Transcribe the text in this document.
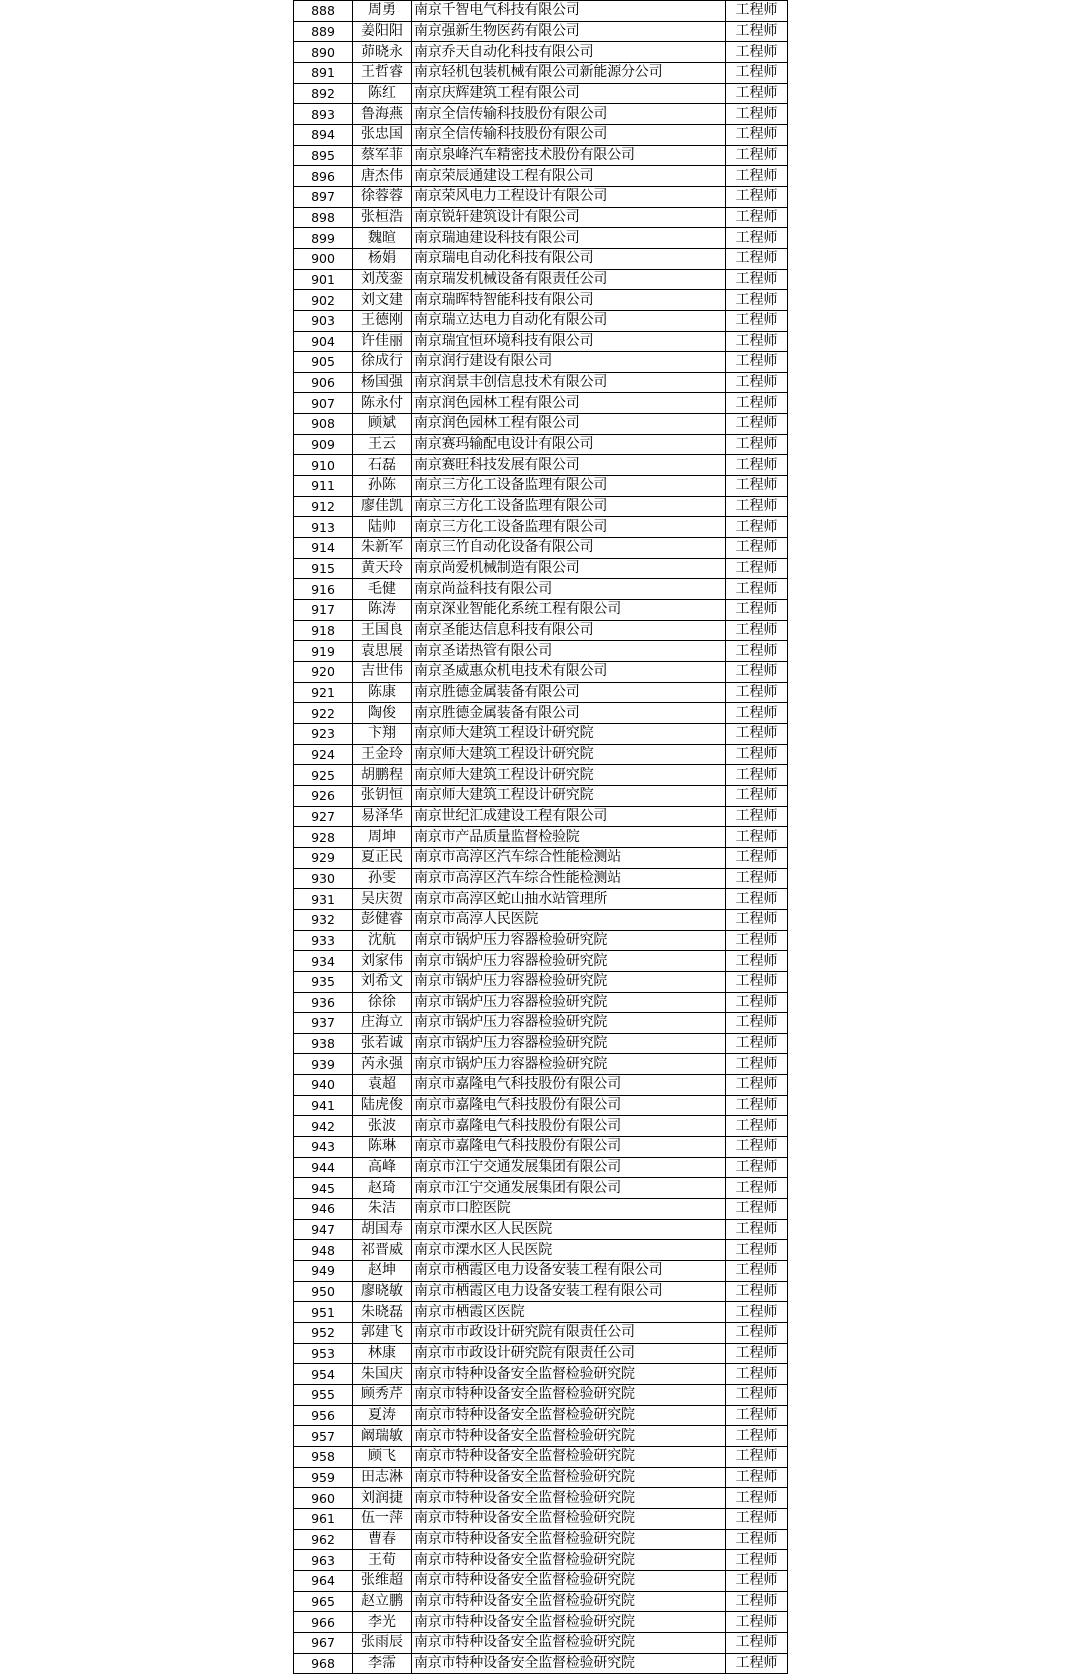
888	周勇	南京千智电气科技有限公司	工程师
889	姜阳阳	南京强新生物医药有限公司	工程师
890	茆晓永	南京乔天自动化科技有限公司	工程师
891	王哲睿	南京轻机包装机械有限公司新能源分公司	工程师
892	陈红	南京庆辉建筑工程有限公司	工程师
893	鲁海燕	南京全信传输科技股份有限公司	工程师
894	张忠国	南京全信传输科技股份有限公司	工程师
895	蔡军菲	南京泉峰汽车精密技术股份有限公司	工程师
896	唐杰伟	南京荣辰通建设工程有限公司	工程师
897	徐蓉蓉	南京荣风电力工程设计有限公司	工程师
898	张桓浩	南京锐轩建筑设计有限公司	工程师
899	魏暄	南京瑞迪建设科技有限公司	工程师
900	杨娟	南京瑞电自动化科技有限公司	工程师
901	刘茂銮	南京瑞发机械设备有限责任公司	工程师
902	刘文建	南京瑞晖特智能科技有限公司	工程师
903	王德刚	南京瑞立达电力自动化有限公司	工程师
904	许佳丽	南京瑞宜恒环境科技有限公司	工程师
905	徐成行	南京润行建设有限公司	工程师
906	杨国强	南京润景丰创信息技术有限公司	工程师
907	陈永付	南京润色园林工程有限公司	工程师
908	顾斌	南京润色园林工程有限公司	工程师
909	王云	南京赛玛输配电设计有限公司	工程师
910	石磊	南京赛旺科技发展有限公司	工程师
911	孙陈	南京三方化工设备监理有限公司	工程师
912	廖佳凯	南京三方化工设备监理有限公司	工程师
913	陆帅	南京三方化工设备监理有限公司	工程师
914	朱新军	南京三竹自动化设备有限公司	工程师
915	黄天玲	南京尚爱机械制造有限公司	工程师
916	毛健	南京尚益科技有限公司	工程师
917	陈涛	南京深业智能化系统工程有限公司	工程师
918	王国良	南京圣能达信息科技有限公司	工程师
919	袁思展	南京圣诺热管有限公司	工程师
920	吉世伟	南京圣威惠众机电技术有限公司	工程师
921	陈康	南京胜德金属装备有限公司	工程师
922	陶俊	南京胜德金属装备有限公司	工程师
923	卞翔	南京师大建筑工程设计研究院	工程师
924	王金玲	南京师大建筑工程设计研究院	工程师
925	胡鹏程	南京师大建筑工程设计研究院	工程师
926	张钥恒	南京师大建筑工程设计研究院	工程师
927	易泽华	南京世纪汇成建设工程有限公司	工程师
928	周坤	南京市产品质量监督检验院	工程师
929	夏正民	南京市高淳区汽车综合性能检测站	工程师
930	孙雯	南京市高淳区汽车综合性能检测站	工程师
931	吴庆贺	南京市高淳区蛇山抽水站管理所	工程师
932	彭健睿	南京市高淳人民医院	工程师
933	沈航	南京市锅炉压力容器检验研究院	工程师
934	刘家伟	南京市锅炉压力容器检验研究院	工程师
935	刘希文	南京市锅炉压力容器检验研究院	工程师
936	徐徐	南京市锅炉压力容器检验研究院	工程师
937	庄海立	南京市锅炉压力容器检验研究院	工程师
938	张若诚	南京市锅炉压力容器检验研究院	工程师
939	芮永强	南京市锅炉压力容器检验研究院	工程师
940	袁超	南京市嘉隆电气科技股份有限公司	工程师
941	陆虎俊	南京市嘉隆电气科技股份有限公司	工程师
942	张波	南京市嘉隆电气科技股份有限公司	工程师
943	陈琳	南京市嘉隆电气科技股份有限公司	工程师
944	高峰	南京市江宁交通发展集团有限公司	工程师
945	赵琦	南京市江宁交通发展集团有限公司	工程师
946	朱洁	南京市口腔医院	工程师
947	胡国寿	南京市溧水区人民医院	工程师
948	祁晋威	南京市溧水区人民医院	工程师
949	赵坤	南京市栖霞区电力设备安装工程有限公司	工程师
950	廖晓敏	南京市栖霞区电力设备安装工程有限公司	工程师
951	朱晓磊	南京市栖霞区医院	工程师
952	郭建飞	南京市市政设计研究院有限责任公司	工程师
953	林康	南京市市政设计研究院有限责任公司	工程师
954	朱国庆	南京市特种设备安全监督检验研究院	工程师
955	顾秀芹	南京市特种设备安全监督检验研究院	工程师
956	夏涛	南京市特种设备安全监督检验研究院	工程师
957	阚瑞敏	南京市特种设备安全监督检验研究院	工程师
958	顾飞	南京市特种设备安全监督检验研究院	工程师
959	田志淋	南京市特种设备安全监督检验研究院	工程师
960	刘润捷	南京市特种设备安全监督检验研究院	工程师
961	伍一萍	南京市特种设备安全监督检验研究院	工程师
962	曹春	南京市特种设备安全监督检验研究院	工程师
963	王荀	南京市特种设备安全监督检验研究院	工程师
964	张维超	南京市特种设备安全监督检验研究院	工程师
965	赵立鹏	南京市特种设备安全监督检验研究院	工程师
966	李光	南京市特种设备安全监督检验研究院	工程师
967	张雨辰	南京市特种设备安全监督检验研究院	工程师
968	李霈	南京市特种设备安全监督检验研究院	工程师
